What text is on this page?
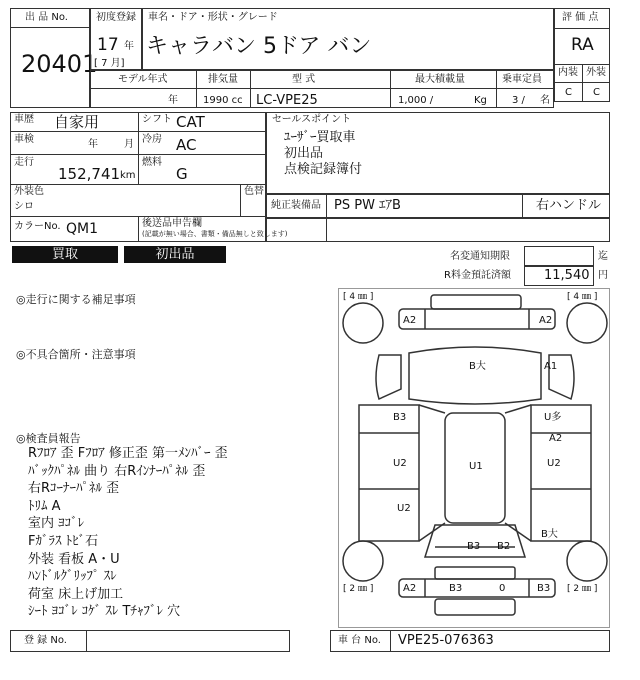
出 品 No.
20401
初度登録
17 年
[ 7 月]
車名・ドア・形状・グレード
キャラバン 5ドア バン
評 価 点
RA
内装 外装
C C
モデル年式
年
排気量
1990 cc
型 式
LC-VPE25
最大積載量
1,000 /	Kg
乗車定員
3 / 名
車歴 自家用	シフト CAT
車検	年	月 冷房 AC
走行
152,741 km
燃料
G
外装色
シロ
色替
カラーNo. QM1	後送品申告欄
(記載が無い場合、書類・備品無しと致します)
セールスポイント
ﾕｰｻﾞｰ買取車
初出品
点検記録簿付
純正装備品 PS PW ｴｱB	右ハンドル
買取	初出品	名変通知期限	迄
R料金預託済額	11,540 円
◎走行に関する補足事項
◎不具合箇所・注意事項
◎検査員報告
Rﾌﾛｱ 歪 Fﾌﾛｱ 修正歪 第一ﾒﾝﾊﾞｰ 歪
ﾊﾞｯｸﾊﾟﾈﾙ 曲り 右Rｲﾝﾅｰﾊﾟﾈﾙ 歪
右Rｺｰﾅｰﾊﾟﾈﾙ 歪
ﾄﾘﾑ A
室内 ﾖｺﾞﾚ
Fｶﾞﾗｽ ﾄﾋﾞ石
外装 看板 A・U
ﾊﾝﾄﾞﾙｸﾞﾘｯﾌﾟ ｽﾚ
荷室 床上げ加工
ｼｰﾄ ﾖｺﾞﾚ ｺｹﾞ ｽﾚ Tﾁｬﾌﾞﾚ 穴
[ 4 ㎜ ]	[ 4 ㎜ ]
[ 2 ㎜ ]	[ 2 ㎜ ]
A2	A2
B大	A1
B3	U多
A2
U2	U1	U2
U2
B大
B3 B2
A2	B3	0	B3
登 録 No.	車 台 No. VPE25-076363
